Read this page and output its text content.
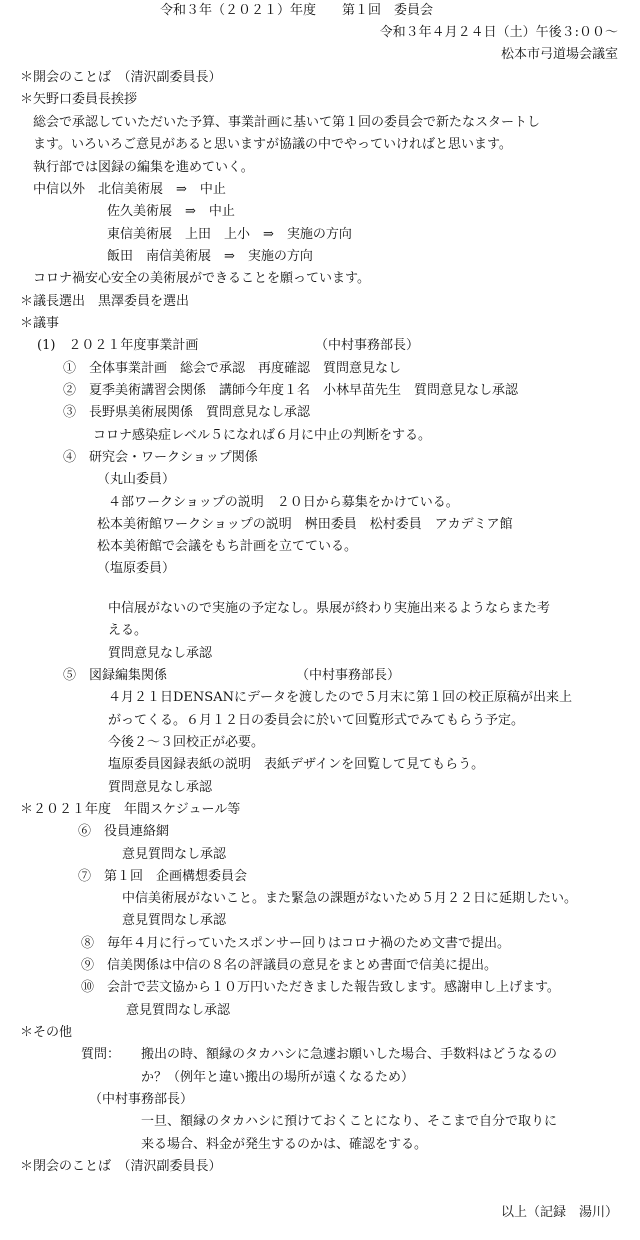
令和３年（２０２１）年度　　第１回　委員会
令和３年４月２４日（土）午後３:００～
松本市弓道場会議室
＊開会のことば　（清沢副委員長）
＊矢野口委員長挨拶
総会で承認していただいた予算、事業計画に基いて第１回の委員会で新たなスタートし
ます。いろいろご意見があると思いますが協議の中でやっていければと思います。
執行部では図録の編集を進めていく。
中信以外　北信美術展　⇒　中止
佐久美術展　⇒　中止
東信美術展　上田　上小　⇒　実施の方向
飯田　南信美術展　⇒　実施の方向
コロナ禍安心安全の美術展ができることを願っています。
＊議長選出　黒澤委員を選出
＊議事
(1)　２０２１年度事業計画	（中村事務部長）
①　全体事業計画　総会で承認　再度確認　質問意見なし
②　夏季美術講習会関係　講師今年度１名　小林早苗先生　質問意見なし承認
③　長野県美術展関係　質問意見なし承認
コロナ感染症レベル５になれば６月に中止の判断をする。
④　研究会・ワークショップ関係
（丸山委員）
４部ワークショップの説明　２０日から募集をかけている。
松本美術館ワークショップの説明　桝田委員　松村委員　アカデミア館
松本美術館で会議をもち計画を立てている。
（塩原委員）
中信展がないので実施の予定なし。県展が終わり実施出来るようならまた考
える。
質問意見なし承認
⑤　図録編集関係	（中村事務部長）
４月２１日DENSANにデータを渡したので５月末に第１回の校正原稿が出来上
がってくる。６月１２日の委員会に於いて回覧形式でみてもらう予定。
今後２～３回校正が必要。
塩原委員図録表紙の説明　表紙デザインを回覧して見てもらう。
質問意見なし承認
＊２０２１年度　年間スケジュール等
⑥　役員連絡網
意見質問なし承認
⑦　第１回　企画構想委員会
中信美術展がないこと。また緊急の課題がないため５月２２日に延期したい。
意見質問なし承認
⑧　毎年４月に行っていたスポンサー回りはコロナ禍のため文書で提出。
⑨　信美関係は中信の８名の評議員の意見をまとめ書面で信美に提出。
⑩　会計で芸文協から１０万円いただきました報告致します。感謝申し上げます。
意見質問なし承認
＊その他
質問： 搬出の時、額縁のタカハシに急遽お願いした場合、手数料はどうなるの
か？（例年と違い搬出の場所が遠くなるため）
（中村事務部長）
一旦、額縁のタカハシに預けておくことになり、そこまで自分で取りに
来る場合、料金が発生するのかは、確認をする。
＊閉会のことば　（清沢副委員長）
以上（記録　湯川）
